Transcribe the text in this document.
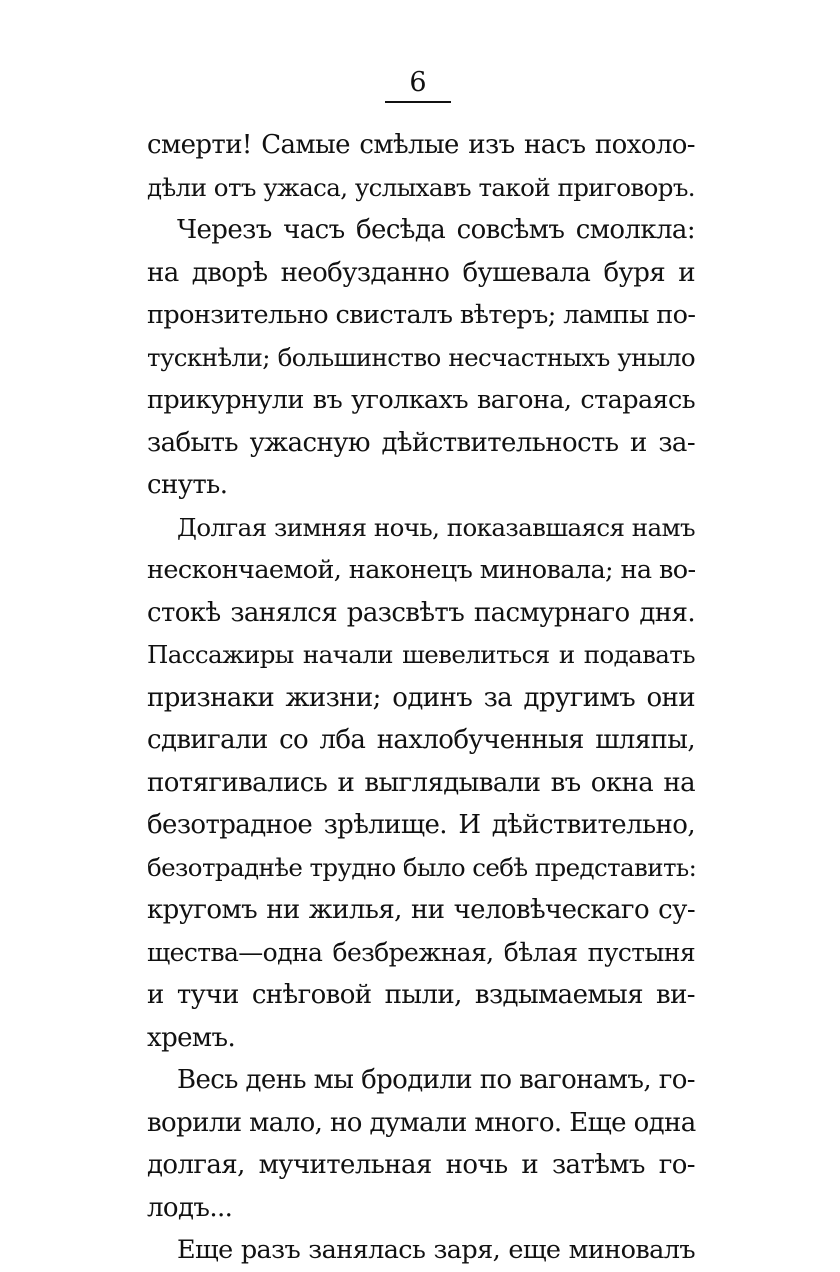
6
смерти! Самые смѣлые изъ насъ похоло-
дѣли отъ ужаса, услыхавъ такой приговоръ.
Черезъ часъ бесѣда совсѣмъ смолкла:
на дворѣ необузданно бушевала буря и
пронзительно свисталъ вѣтеръ; лампы по-
тускнѣли; большинство несчастныхъ уныло
прикурнули въ уголкахъ вагона, стараясь
забыть ужасную дѣйствительность и за-
снуть.
Долгая зимняя ночь, показавшаяся намъ
нескончаемой, наконецъ миновала; на во-
стокѣ занялся разсвѣтъ пасмурнаго дня.
Пассажиры начали шевелиться и подавать
признаки жизни; одинъ за другимъ они
сдвигали со лба нахлобученныя шляпы,
потягивались и выглядывали въ окна на
безотрадное зрѣлище. И дѣйствительно,
безотраднѣе трудно было себѣ представить:
кругомъ ни жилья, ни человѣческаго су-
щества—одна безбрежная, бѣлая пустыня
и тучи снѣговой пыли, вздымаемыя ви-
хремъ.
Весь день мы бродили по вагонамъ, го-
ворили мало, но думали много. Еще одна
долгая, мучительная ночь и затѣмъ го-
лодъ...
Еще разъ занялась заря, еще миновалъ
